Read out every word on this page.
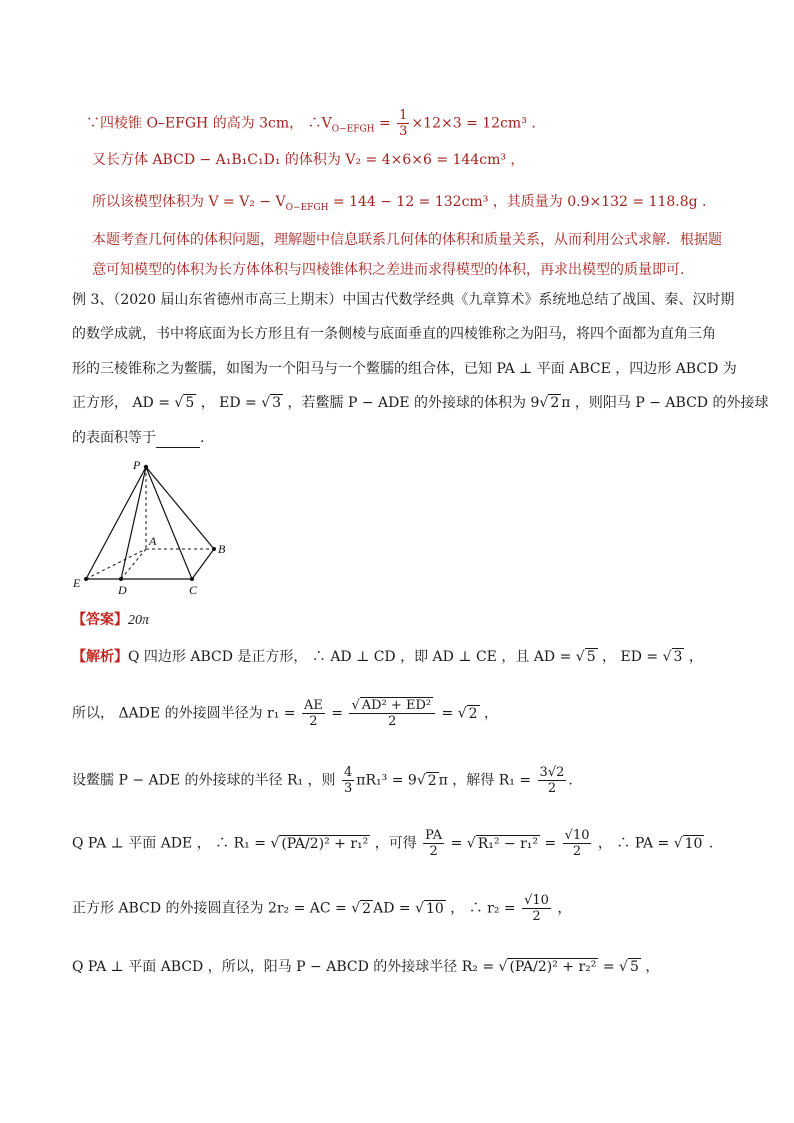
∵四棱锥 O–EFGH 的高为 3cm， $\therefore V_{O-EFGH} = \frac{1}{3} \times 12\times 3 = 12cm^3$ .
又长方体 ABCD − A₁B₁C₁D₁ 的体积为 V₂ = 4×6×6 = 144cm³ ，
所以该模型体积为 $V = V_2 - V_{O-EFGH} = 144 - 12 = 132cm^3$ ，其质量为 0.9×132 = 118.8g .
本题考查几何体的体积问题，理解题中信息联系几何体的体积和质量关系，从而利用公式求解．根据题
意可知模型的体积为长方体体积与四棱锥体积之差进而求得模型的体积，再求出模型的质量即可.
例 3、（2020 届山东省德州市高三上期末）中国古代数学经典《九章算术》系统地总结了战国、秦、汉时期
的数学成就，书中将底面为长方形且有一条侧棱与底面垂直的四棱锥称之为阳马，将四个面都为直角三角
形的三棱锥称之为鳖臑，如图为一个阳马与一个鳖臑的组合体，已知 PA ⊥ 平面 ABCE ，四边形 ABCD 为
正方形， AD = √ 5 ， ED = √ 3 ，若鳖臑 P − ADE 的外接球的体积为 9√ 2 π ，则阳马 P − ABCD 的外接球
的表面积等于	.
P
A
B
E	D	C
【答案】20π
【解析】Q 四边形 ABCD 是正方形， ∴ AD ⊥ CD ，即 AD ⊥ CE ，且 AD = √ 5 ， ED = √ 3 ，
所以， ΔADE 的外接圆半径为 $r_1 = \frac{AE}{2} = \frac{\text{√ AD² + ED²}}{2}$ = √ 2 ，
设鳖臑 P − ADE 的外接球的半径 R₁ ，则 $\frac{4}{3} \pi R_1^3 = 9√$ 2 π ，解得 $R_1 = \frac{3√2}{2}$ .
Q PA ⊥ 平面 ADE ， ∴ R₁ = √ (PA/2)² + r₁² ，可得 $\frac{PA}{2}$ = √ $R_1^2 - r_1^2 = \frac{√10}{2}$ ， ∴ PA = √ 10 .
正方形 ABCD 的外接圆直径为 2r₂ = AC = √ 2 AD = √ 10 ， ∴ $r_2 = \frac{√10}{2}$ ，
Q PA ⊥ 平面 ABCD ，所以，阳马 P − ABCD 的外接球半径 R₂ = √ (PA/2)² + r₂² = √ 5 ，
